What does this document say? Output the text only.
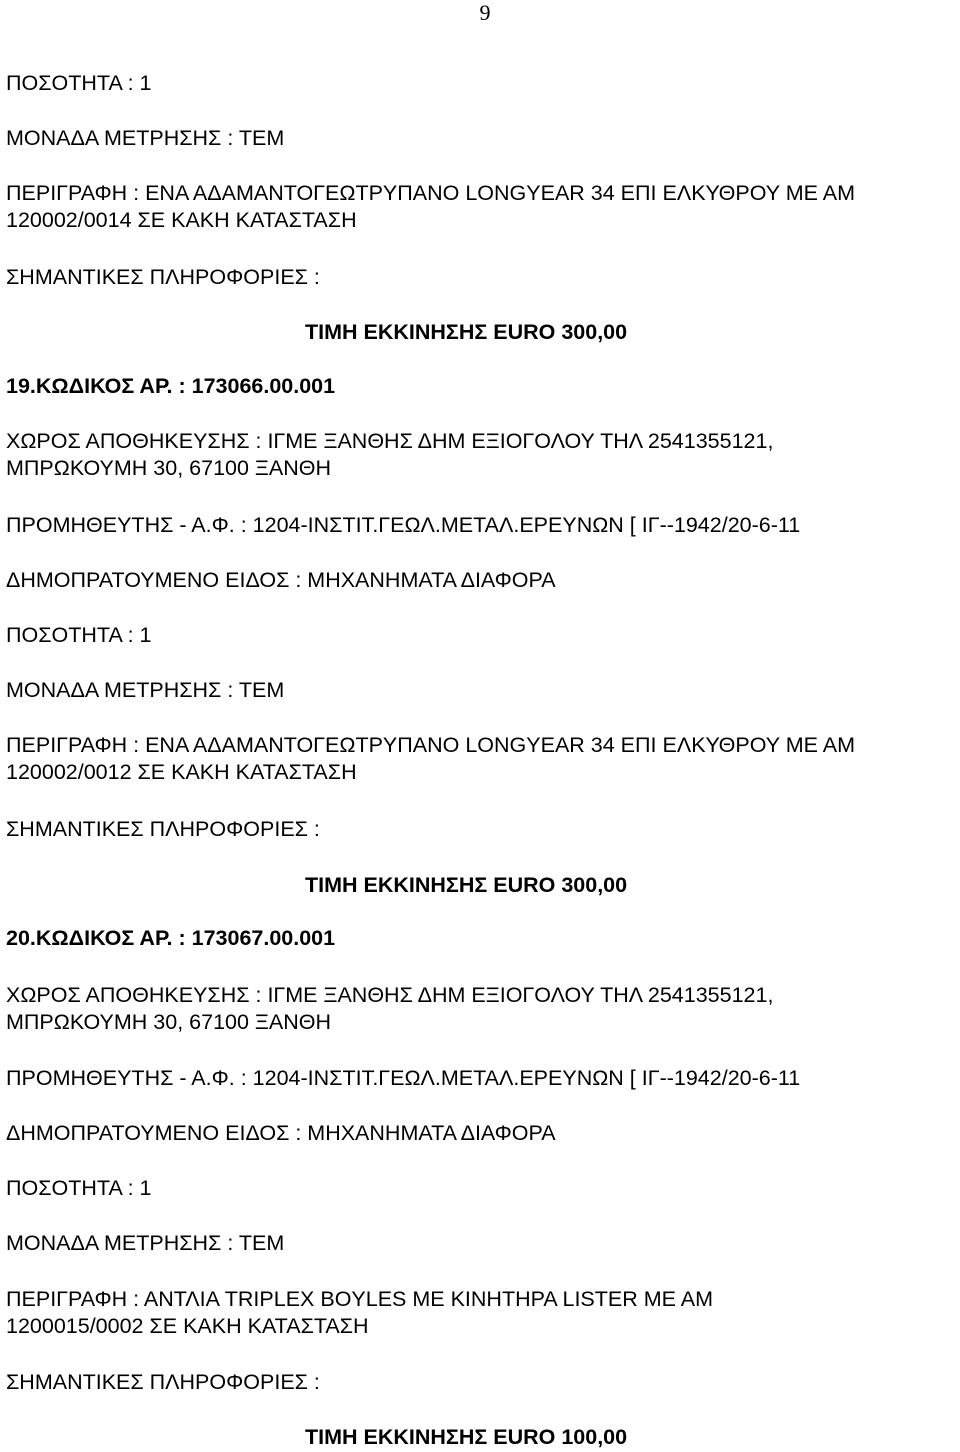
9
ΠΟΣΟΤΗΤΑ : 1
ΜΟΝΑΔΑ ΜΕΤΡΗΣΗΣ : ΤΕΜ
ΠΕΡΙΓΡΑΦΗ : ΕΝΑ ΑΔΑΜΑΝΤΟΓΕΩΤΡΥΠΑΝΟ LONGYEAR 34 ΕΠΙ ΕΛΚΥΘΡΟΥ ΜΕ ΑΜ
120002/0014 ΣΕ ΚΑΚΗ ΚΑΤΑΣΤΑΣΗ
ΣΗΜΑΝΤΙΚΕΣ ΠΛΗΡΟΦΟΡΙΕΣ :
ΤΙΜΗ ΕΚΚΙΝΗΣΗΣ EURO 300,00
19.ΚΩΔΙΚΟΣ ΑΡ. : 173066.00.001
ΧΩΡΟΣ ΑΠΟΘΗΚΕΥΣΗΣ : ΙΓΜΕ ΞΑΝΘΗΣ ΔΗΜ ΕΞΙΟΓΟΛΟΥ ΤΗΛ 2541355121,
ΜΠΡΩΚΟΥΜΗ 30, 67100 ΞΑΝΘΗ
ΠΡΟΜΗΘΕΥΤΗΣ - Α.Φ. : 1204-ΙΝΣΤΙΤ.ΓΕΩΛ.ΜΕΤΑΛ.ΕΡΕΥΝΩΝ [ ΙΓ--1942/20-6-11
ΔΗΜΟΠΡΑΤΟΥΜΕΝΟ ΕΙΔΟΣ : ΜΗΧΑΝΗΜΑΤΑ ΔΙΑΦΟΡΑ
ΠΟΣΟΤΗΤΑ : 1
ΜΟΝΑΔΑ ΜΕΤΡΗΣΗΣ : ΤΕΜ
ΠΕΡΙΓΡΑΦΗ : ΕΝΑ ΑΔΑΜΑΝΤΟΓΕΩΤΡΥΠΑΝΟ LONGYEAR 34 ΕΠΙ ΕΛΚΥΘΡΟΥ ΜΕ ΑΜ
120002/0012 ΣΕ ΚΑΚΗ ΚΑΤΑΣΤΑΣΗ
ΣΗΜΑΝΤΙΚΕΣ ΠΛΗΡΟΦΟΡΙΕΣ :
ΤΙΜΗ ΕΚΚΙΝΗΣΗΣ EURO 300,00
20.ΚΩΔΙΚΟΣ ΑΡ. : 173067.00.001
ΧΩΡΟΣ ΑΠΟΘΗΚΕΥΣΗΣ : ΙΓΜΕ ΞΑΝΘΗΣ ΔΗΜ ΕΞΙΟΓΟΛΟΥ ΤΗΛ 2541355121,
ΜΠΡΩΚΟΥΜΗ 30, 67100 ΞΑΝΘΗ
ΠΡΟΜΗΘΕΥΤΗΣ - Α.Φ. : 1204-ΙΝΣΤΙΤ.ΓΕΩΛ.ΜΕΤΑΛ.ΕΡΕΥΝΩΝ [ ΙΓ--1942/20-6-11
ΔΗΜΟΠΡΑΤΟΥΜΕΝΟ ΕΙΔΟΣ : ΜΗΧΑΝΗΜΑΤΑ ΔΙΑΦΟΡΑ
ΠΟΣΟΤΗΤΑ : 1
ΜΟΝΑΔΑ ΜΕΤΡΗΣΗΣ : ΤΕΜ
ΠΕΡΙΓΡΑΦΗ : ΑΝΤΛΙΑ TRIPLEX BOYLES ΜΕ ΚΙΝΗΤΗΡΑ LISTER ΜΕ ΑΜ
1200015/0002 ΣΕ ΚΑΚΗ ΚΑΤΑΣΤΑΣΗ
ΣΗΜΑΝΤΙΚΕΣ ΠΛΗΡΟΦΟΡΙΕΣ :
ΤΙΜΗ ΕΚΚΙΝΗΣΗΣ EURO 100,00
